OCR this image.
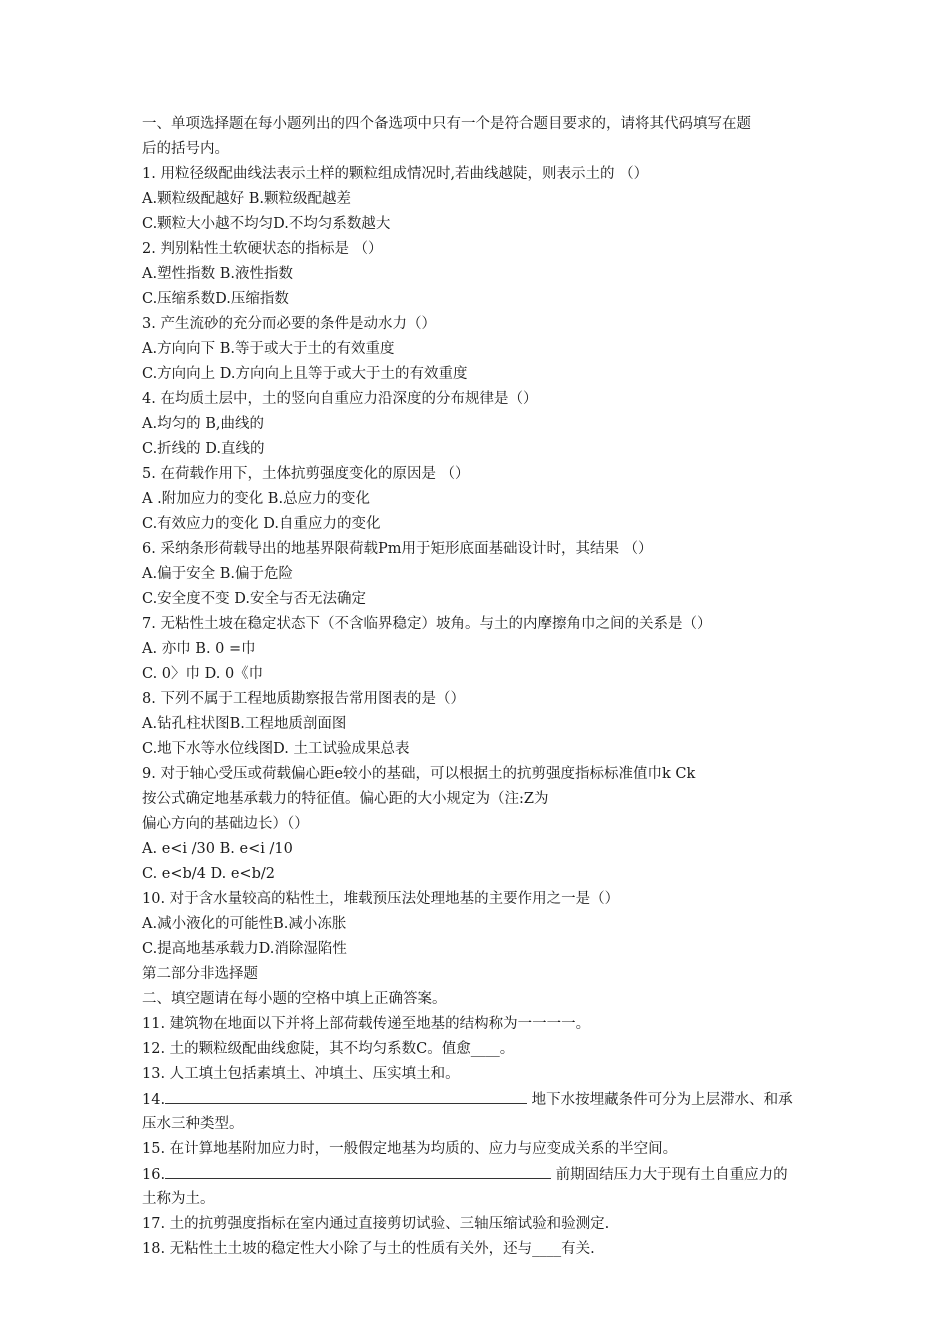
一、单项选择题在每小题列出的四个备选项中只有一个是符合题目要求的，请将其代码填写在题
后的括号内。
1. 用粒径级配曲线法表示土样的颗粒组成情况时,若曲线越陡，则表示土的 （）
A.颗粒级配越好 B.颗粒级配越差
C.颗粒大小越不均匀D.不均匀系数越大
2. 判别粘性土软硬状态的指标是 （）
A.塑性指数 B.液性指数
C.压缩系数D.压缩指数
3. 产生流砂的充分而必要的条件是动水力（）
A.方向向下 B.等于或大于土的有效重度
C.方向向上 D.方向向上且等于或大于土的有效重度
4. 在均质土层中，土的竖向自重应力沿深度的分布规律是（）
A.均匀的 B,曲线的
C.折线的 D.直线的
5. 在荷载作用下，土体抗剪强度变化的原因是 （）
A .附加应力的变化 B.总应力的变化
C.有效应力的变化 D.自重应力的变化
6. 采纳条形荷载导出的地基界限荷载Pm用于矩形底面基础设计时，其结果 （）
A.偏于安全 B.偏于危险
C.安全度不变 D.安全与否无法确定
7. 无粘性土坡在稳定状态下（不含临界稳定）坡角。与土的内摩擦角巾之间的关系是（）
A. 亦巾 B. 0 =巾
C. 0〉巾 D. 0《巾
8. 下列不属于工程地质勘察报告常用图表的是（）
A.钻孔柱状图B.工程地质剖面图
C.地下水等水位线图D. 土工试验成果总表
9. 对于轴心受压或荷载偏心距e较小的基础，可以根据土的抗剪强度指标标准值巾k Ck
按公式确定地基承载力的特征值。偏心距的大小规定为（注:Z为
偏心方向的基础边长）（）
A. e<i /30 B. e<i /10
C. e<b/4 D. e<b/2
10. 对于含水量较高的粘性土，堆载预压法处理地基的主要作用之一是（）
A.减小液化的可能性B.减小冻胀
C.提高地基承载力D.消除湿陷性
第二部分非选择题
二、填空题请在每小题的空格中填上正确答案。
11. 建筑物在地面以下并将上部荷载传递至地基的结构称为一一一一。
12. 土的颗粒级配曲线愈陡，其不均匀系数C。值愈____。
13. 人工填土包括素填土、冲填土、压实填土和。
14.	地下水按埋藏条件可分为上层滞水、和承
压水三种类型。
15. 在计算地基附加应力时，一般假定地基为均质的、应力与应变成关系的半空间。
16.	前期固结压力大于现有土自重应力的
土称为土。
17. 土的抗剪强度指标在室内通过直接剪切试验、三轴压缩试验和验测定.
18. 无粘性土土坡的稳定性大小除了与土的性质有关外，还与____有关.
